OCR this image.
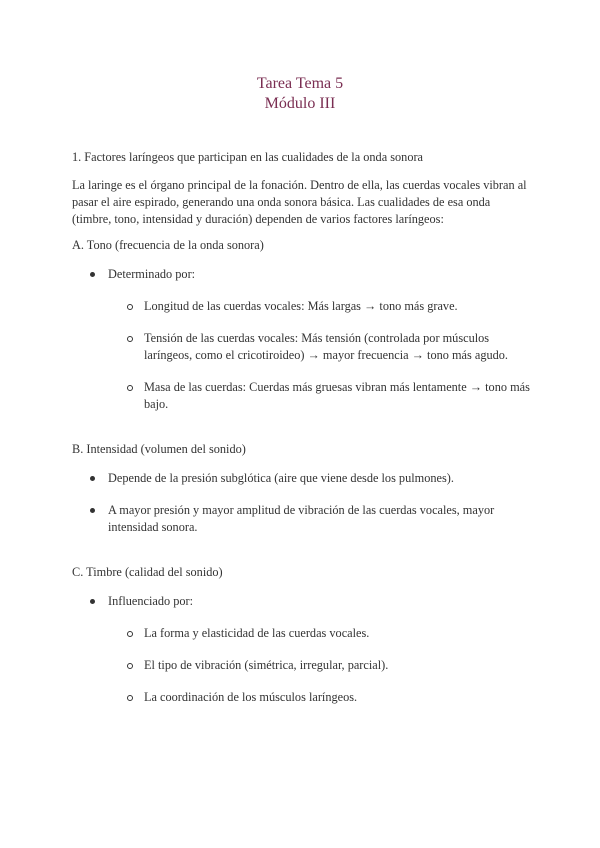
Tarea Tema 5
Módulo III
1. Factores laríngeos que participan en las cualidades de la onda sonora
La laringe es el órgano principal de la fonación. Dentro de ella, las cuerdas vocales vibran al pasar el aire espirado, generando una onda sonora básica. Las cualidades de esa onda (timbre, tono, intensidad y duración) dependen de varios factores laríngeos:
A. Tono (frecuencia de la onda sonora)
Determinado por:
Longitud de las cuerdas vocales: Más largas → tono más grave.
Tensión de las cuerdas vocales: Más tensión (controlada por músculos laríngeos, como el cricotiroideo) → mayor frecuencia → tono más agudo.
Masa de las cuerdas: Cuerdas más gruesas vibran más lentamente → tono más bajo.
B. Intensidad (volumen del sonido)
Depende de la presión subglótica (aire que viene desde los pulmones).
A mayor presión y mayor amplitud de vibración de las cuerdas vocales, mayor intensidad sonora.
C. Timbre (calidad del sonido)
Influenciado por:
La forma y elasticidad de las cuerdas vocales.
El tipo de vibración (simétrica, irregular, parcial).
La coordinación de los músculos laríngeos.
